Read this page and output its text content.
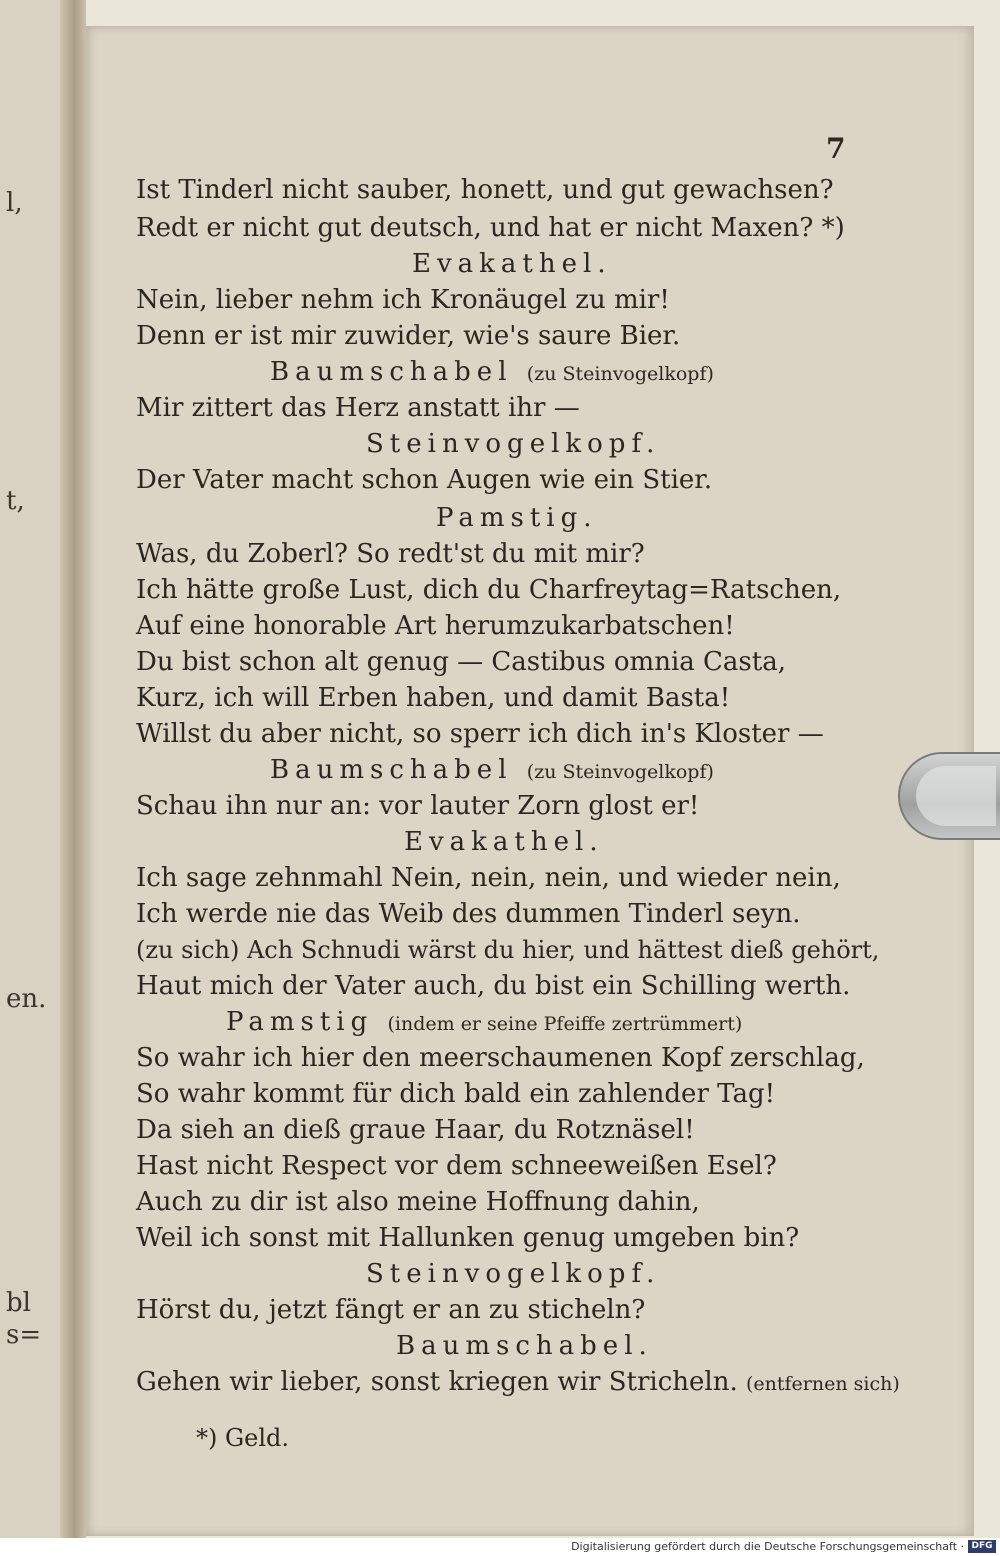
l,
t,
en.
bl
s=
7
Ist Tinderl nicht sauber, honett, und gut gewachsen?
Redt er nicht gut deutsch, und hat er nicht Maxen? *)
Evakathel.
Nein, lieber nehm ich Kronäugel zu mir!
Denn er ist mir zuwider, wie's saure Bier.
Baumschabel (zu Steinvogelkopf)
Mir zittert das Herz anstatt ihr —
Steinvogelkopf.
Der Vater macht schon Augen wie ein Stier.
Pamstig.
Was, du Zoberl? So redt'st du mit mir?
Ich hätte große Lust, dich du Charfreytag=Ratschen,
Auf eine honorable Art herumzukarbatschen!
Du bist schon alt genug — Castibus omnia Casta,
Kurz, ich will Erben haben, und damit Basta!
Willst du aber nicht, so sperr ich dich in's Kloster —
Baumschabel (zu Steinvogelkopf)
Schau ihn nur an: vor lauter Zorn glost er!
Evakathel.
Ich sage zehnmahl Nein, nein, nein, und wieder nein,
Ich werde nie das Weib des dummen Tinderl seyn.
(zu sich) Ach Schnudi wärst du hier, und hättest dieß gehört,
Haut mich der Vater auch, du bist ein Schilling werth.
Pamstig (indem er seine Pfeiffe zertrümmert)
So wahr ich hier den meerschaumenen Kopf zerschlag,
So wahr kommt für dich bald ein zahlender Tag!
Da sieh an dieß graue Haar, du Rotznäsel!
Hast nicht Respect vor dem schneeweißen Esel?
Auch zu dir ist also meine Hoffnung dahin,
Weil ich sonst mit Hallunken genug umgeben bin?
Steinvogelkopf.
Hörst du, jetzt fängt er an zu sticheln?
Baumschabel.
Gehen wir lieber, sonst kriegen wir Stricheln. (entfernen sich)
*) Geld.
Digitalisierung gefördert durch die Deutsche Forschungsgemeinschaft · DFG
